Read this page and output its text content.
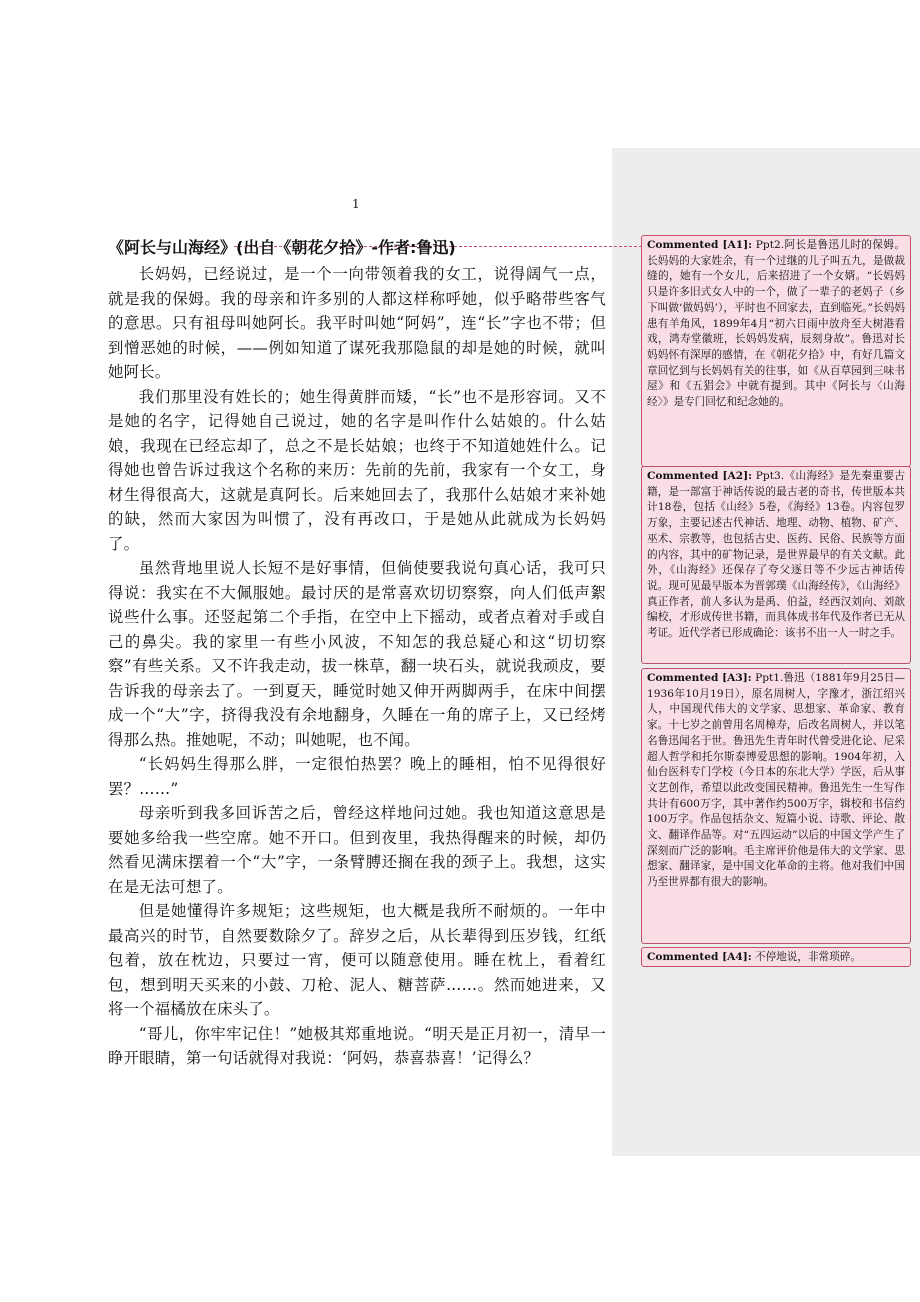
1

《阿长与山海经》(出自《朝花夕拾》-作者:鲁迅)

长妈妈，已经说过，是一个一向带领着我的女工，说得阔气一点，就是我的保姆。我的母亲和许多别的人都这样称呼她，似乎略带些客气的意思。只有祖母叫她阿长。我平时叫她“阿妈”，连“长”字也不带；但到憎恶她的时候，——例如知道了谋死我那隐鼠的却是她的时候，就叫她阿长。

我们那里没有姓长的；她生得黄胖而矮，“长”也不是形容词。又不是她的名字，记得她自己说过，她的名字是叫作什么姑娘的。什么姑娘，我现在已经忘却了，总之不是长姑娘；也终于不知道她姓什么。记得她也曾告诉过我这个名称的来历：先前的先前，我家有一个女工，身材生得很高大，这就是真阿长。后来她回去了，我那什么姑娘才来补她的缺，然而大家因为叫惯了，没有再改口，于是她从此就成为长妈妈了。

虽然背地里说人长短不是好事情，但倘使要我说句真心话，我可只得说：我实在不大佩服她。最讨厌的是常喜欢切切察察，向人们低声絮说些什么事。还竖起第二个手指，在空中上下摇动，或者点着对手或自己的鼻尖。我的家里一有些小风波，不知怎的我总疑心和这“切切察察”有些关系。又不许我走动，拔一株草，翻一块石头，就说我顽皮，要告诉我的母亲去了。一到夏天，睡觉时她又伸开两脚两手，在床中间摆成一个“大”字，挤得我没有余地翻身，久睡在一角的席子上，又已经烤得那么热。推她呢，不动；叫她呢，也不闻。

“长妈妈生得那么胖，一定很怕热罢？晚上的睡相，怕不见得很好罢？……”

母亲听到我多回诉苦之后，曾经这样地问过她。我也知道这意思是要她多给我一些空席。她不开口。但到夜里，我热得醒来的时候，却仍然看见满床摆着一个“大”字，一条臂膊还搁在我的颈子上。我想，这实在是无法可想了。

但是她懂得许多规矩；这些规矩，也大概是我所不耐烦的。一年中最高兴的时节，自然要数除夕了。辞岁之后，从长辈得到压岁钱，红纸包着，放在枕边，只要过一宵，便可以随意使用。睡在枕上，看着红包，想到明天买来的小鼓、刀枪、泥人、糖菩萨……。然而她进来，又将一个福橘放在床头了。

“哥儿，你牢牢记住！”她极其郑重地说。“明天是正月初一，清早一睁开眼睛，第一句话就得对我说：‘阿妈，恭喜恭喜！’记得么？

Commented [A1]: Ppt2.阿长是鲁迅儿时的保姆。长妈妈的大家姓余，有一个过继的儿子叫五九，是做裁缝的，她有一个女儿，后来招进了一个女婿。“长妈妈只是许多旧式女人中的一个，做了一辈子的老妈子（乡下叫做‘做妈妈’），平时也不回家去，直到临死。”长妈妈患有羊角风，1899年4月“初六日雨中放舟至大树港看戏，鸿寿堂徽班，长妈妈发病，辰刻身故”。鲁迅对长妈妈怀有深厚的感情，在《朝花夕拾》中，有好几篇文章回忆到与长妈妈有关的往事，如《从百草园到三味书屋》和《五猖会》中就有提到。其中《阿长与〈山海经〉》是专门回忆和纪念她的。
Commented [A2]: Ppt3.《山海经》是先秦重要古籍，是一部富于神话传说的最古老的奇书，传世版本共计18卷，包括《山经》5卷，《海经》13卷。内容包罗万象，主要记述古代神话、地理、动物、植物、矿产、巫术、宗教等，也包括古史、医药、民俗、民族等方面的内容，其中的矿物记录，是世界最早的有关文献。此外，《山海经》还保存了夸父逐日等不少远古神话传说。现可见最早版本为晋郭璞《山海经传》，《山海经》真正作者，前人多认为是禹、伯益，经西汉刘向、刘歆编校，才形成传世书籍，而具体成书年代及作者已无从考证。近代学者已形成确论：该书不出一人一时之手。
Commented [A3]: Ppt1.鲁迅（1881年9月25日—1936年10月19日），原名周树人，字豫才，浙江绍兴人，中国现代伟大的文学家、思想家、革命家、教育家。十七岁之前曾用名周樟寿，后改名周树人，并以笔名鲁迅闻名于世。鲁迅先生青年时代曾受进化论、尼采超人哲学和托尔斯泰博爱思想的影响。1904年初，入仙台医科专门学校（今日本的东北大学）学医，后从事文艺创作，希望以此改变国民精神。鲁迅先生一生写作共计有600万字，其中著作约500万字，辑校和书信约100万字。作品包括杂文、短篇小说、诗歌、评论、散文、翻译作品等。对“五四运动”以后的中国文学产生了深刻而广泛的影响。毛主席评价他是伟大的文学家、思想家、翻译家，是中国文化革命的主将。他对我们中国乃至世界都有很大的影响。
Commented [A4]: 不停地说，非常琐碎。
